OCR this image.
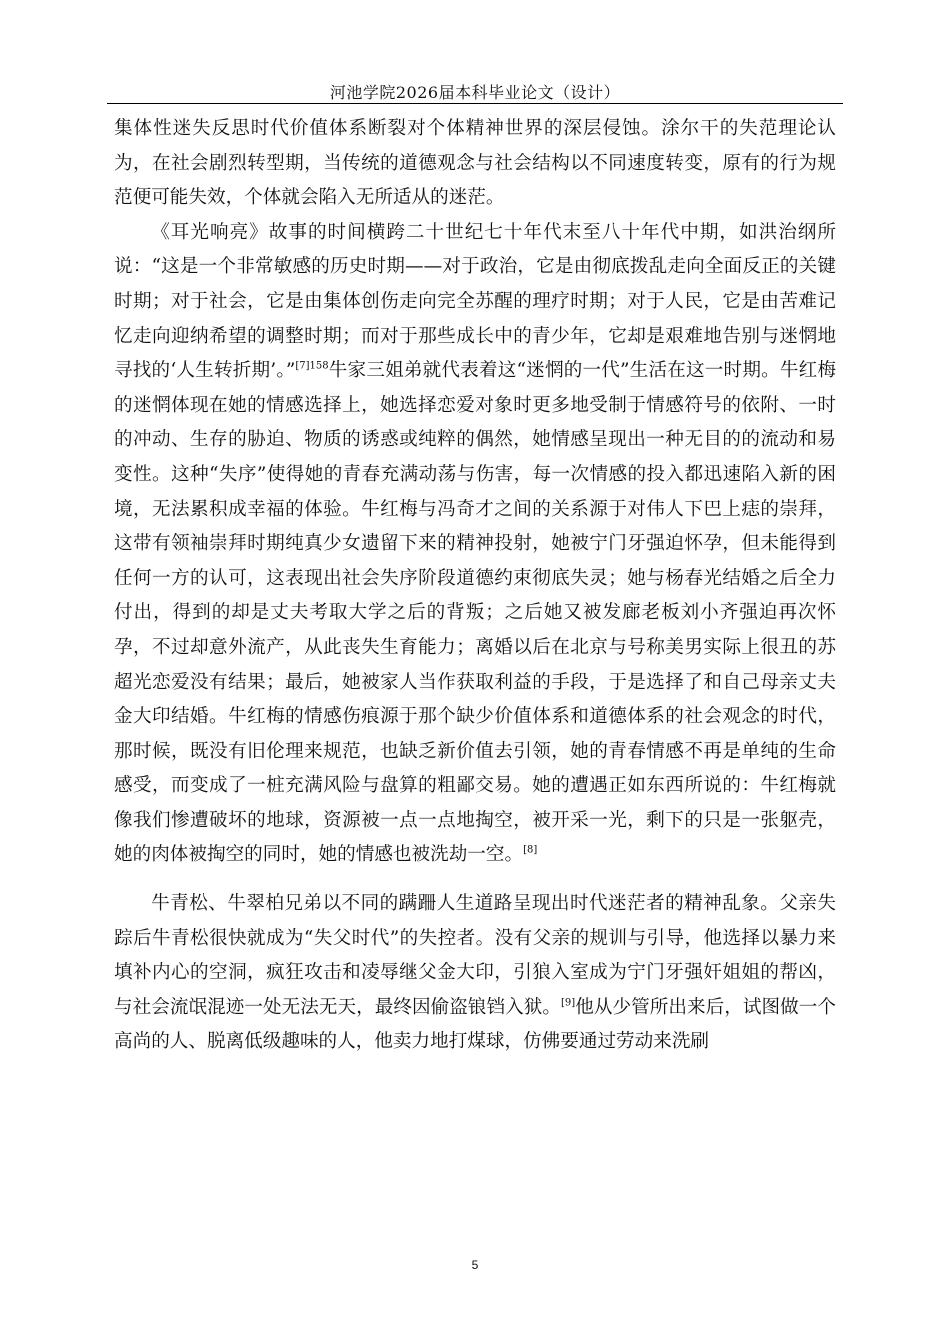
河池学院2026届本科毕业论文（设计）

集体性迷失反思时代价值体系断裂对个体精神世界的深层侵蚀。涂尔干的失范理论认为，在社会剧烈转型期，当传统的道德观念与社会结构以不同速度转变，原有的行为规范便可能失效，个体就会陷入无所适从的迷茫。

《耳光响亮》故事的时间横跨二十世纪七十年代末至八十年代中期，如洪治纲所说：“这是一个非常敏感的历史时期——对于政治，它是由彻底拨乱走向全面反正的关键时期；对于社会，它是由集体创伤走向完全苏醒的理疗时期；对于人民，它是由苦难记忆走向迎纳希望的调整时期；而对于那些成长中的青少年，它却是艰难地告别与迷惘地寻找的‘人生转折期’。”$^{[7]158}$牛家三姐弟就代表着这“迷惘的一代”生活在这一时期。牛红梅的迷惘体现在她的情感选择上，她选择恋爱对象时更多地受制于情感符号的依附、一时的冲动、生存的胁迫、物质的诱惑或纯粹的偶然，她情感呈现出一种无目的的流动和易变性。这种“失序”使得她的青春充满动荡与伤害，每一次情感的投入都迅速陷入新的困境，无法累积成幸福的体验。牛红梅与冯奇才之间的关系源于对伟人下巴上痣的崇拜，这带有领袖崇拜时期纯真少女遗留下来的精神投射，她被宁门牙强迫怀孕，但未能得到任何一方的认可，这表现出社会失序阶段道德约束彻底失灵；她与杨春光结婚之后全力付出，得到的却是丈夫考取大学之后的背叛；之后她又被发廊老板刘小齐强迫再次怀孕，不过却意外流产，从此丧失生育能力；离婚以后在北京与号称美男实际上很丑的苏超光恋爱没有结果；最后，她被家人当作获取利益的手段，于是选择了和自己母亲丈夫金大印结婚。牛红梅的情感伤痕源于那个缺少价值体系和道德体系的社会观念的时代，那时候，既没有旧伦理来规范，也缺乏新价值去引领，她的青春情感不再是单纯的生命感受，而变成了一桩充满风险与盘算的粗鄙交易。她的遭遇正如东西所说的：牛红梅就像我们惨遭破坏的地球，资源被一点一点地掏空，被开采一光，剩下的只是一张躯壳，她的肉体被掏空的同时，她的情感也被洗劫一空。[8]

牛青松、牛翠柏兄弟以不同的蹒跚人生道路呈现出时代迷茫者的精神乱象。父亲失踪后牛青松很快就成为“失父时代”的失控者。没有父亲的规训与引导，他选择以暴力来填补内心的空洞，疯狂攻击和凌辱继父金大印，引狼入室成为宁门牙强奸姐姐的帮凶，与社会流氓混迹一处无法无天，最终因偷盗锒铛入狱。[9]他从少管所出来后，试图做一个高尚的人、脱离低级趣味的人，他卖力地打煤球，仿佛要通过劳动来洗刷

5
